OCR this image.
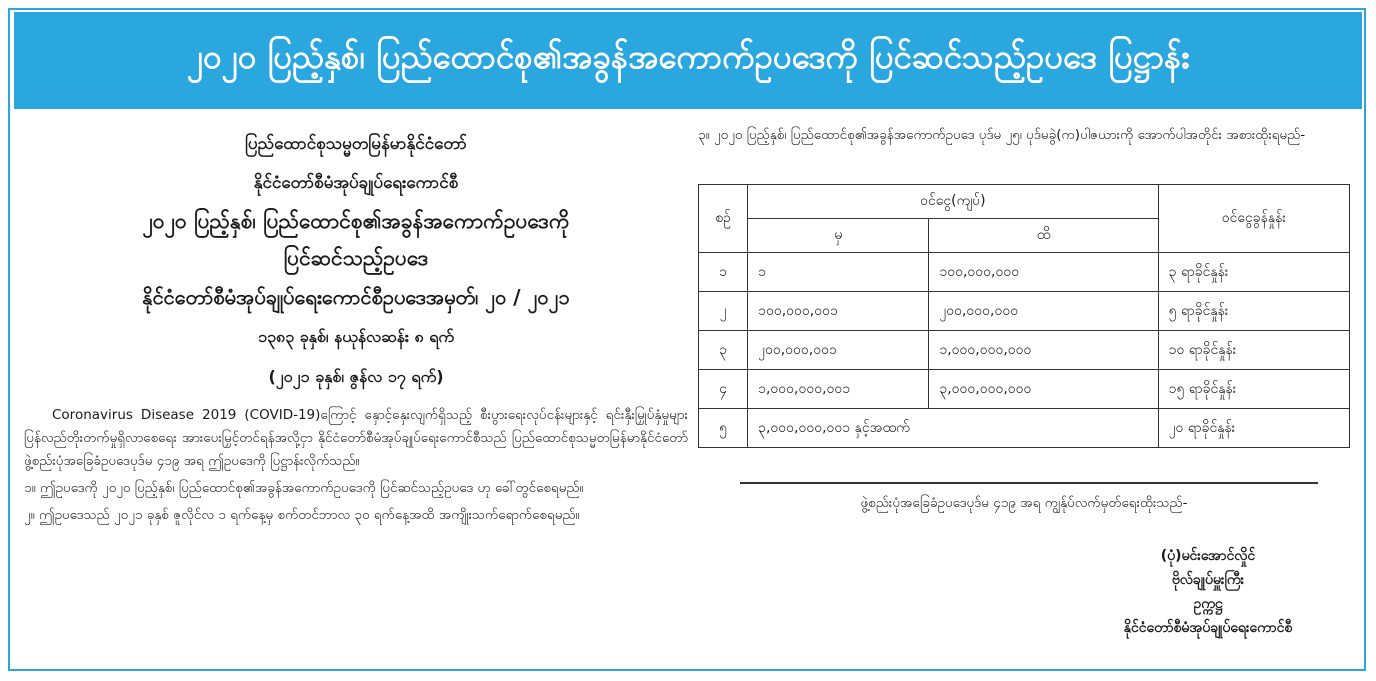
၂၀၂၀ ပြည့်နှစ်၊ ပြည်ထောင်စု၏အခွန်အကောက်ဥပဒေကို ပြင်ဆင်သည့်ဥပဒေ ပြဋ္ဌာန်း
ပြည်ထောင်စုသမ္မတမြန်မာနိုင်ငံတော်
နိုင်ငံတော်စီမံအုပ်ချုပ်ရေးကောင်စီ
၂၀၂၀ ပြည့်နှစ်၊ ပြည်ထောင်စု၏အခွန်အကောက်ဥပဒေကို
ပြင်ဆင်သည့်ဥပဒေ
နိုင်ငံတော်စီမံအုပ်ချုပ်ရေးကောင်စီဥပဒေအမှတ်၊ ၂၀ / ၂၀၂၁
၁၃၈၃ ခုနှစ်၊ နယုန်လဆန်း ၈ ရက်
(၂၀၂၁ ခုနှစ်၊ ဇွန်လ ၁၇ ရက်)

Coronavirus Disease 2019 (COVID-19)ကြောင့် နှောင့်နှေးလျက်ရှိသည့် စီးပွားရေးလုပ်ငန်းများနှင့် ရင်းနှီးမြှုပ်နှံမှုများ ပြန်လည်တိုးတက်မှုရှိလာစေရေး အားပေးမြှင့်တင်ရန်အလို့ငှာ နိုင်ငံတော်စီမံအုပ်ချုပ်ရေးကောင်စီသည် ပြည်ထောင်စုသမ္မတမြန်မာနိုင်ငံတော် ဖွဲ့စည်းပုံအခြေခံဥပဒေပုဒ်မ ၄၁၉ အရ ဤဥပဒေကို ပြဋ္ဌာန်းလိုက်သည်။

၁။ ဤဥပဒေကို ၂၀၂၀ ပြည့်နှစ်၊ ပြည်ထောင်စု၏အခွန်အကောက်ဥပဒေကို ပြင်ဆင်သည့်ဥပဒေ ဟု ခေါ်တွင်စေရမည်။

၂။ ဤဥပဒေသည် ၂၀၂၁ ခုနှစ် ဇူလိုင်လ ၁ ရက်နေ့မှ စက်တင်ဘာလ ၃၀ ရက်နေ့အထိ အကျိုးသက်ရောက်စေရမည်။

၃။ ၂၀၂၀ ပြည့်နှစ်၊ ပြည်ထောင်စု၏အခွန်အကောက်ဥပဒေ ပုဒ်မ ၂၅၊ ပုဒ်မခွဲ(က)ပါဇယားကို အောက်ပါအတိုင်း အစားထိုးရမည်-

စဉ်	ဝင်ငွေ(ကျပ်)		ဝင်ငွေခွန်နှုန်း
	မှ	ထိ	
၁	၁	၁၀၀,၀၀၀,၀၀၀	၃ ရာခိုင်နှုန်း
၂	၁၀၀,၀၀၀,၀၀၁	၂၀၀,၀၀၀,၀၀၀	၅ ရာခိုင်နှုန်း
၃	၂၀၀,၀၀၀,၀၀၁	၁,၀၀၀,၀၀၀,၀၀၀	၁၀ ရာခိုင်နှုန်း
၄	၁,၀၀၀,၀၀၀,၀၀၁	၃,၀၀၀,၀၀၀,၀၀၀	၁၅ ရာခိုင်နှုန်း
၅	၃,၀၀၀,၀၀၀,၀၀၁ နှင့်အထက်		၂၀ ရာခိုင်နှုန်း
ဖွဲ့စည်းပုံအခြေခံဥပဒေပုဒ်မ ၄၁၉ အရ ကျွန်ုပ်လက်မှတ်ရေးထိုးသည်-
(ပုံ)မင်းအောင်လှိုင်
ဗိုလ်ချုပ်မှူးကြီး
ဥက္ကဋ္ဌ
နိုင်ငံတော်စီမံအုပ်ချုပ်ရေးကောင်စီ
